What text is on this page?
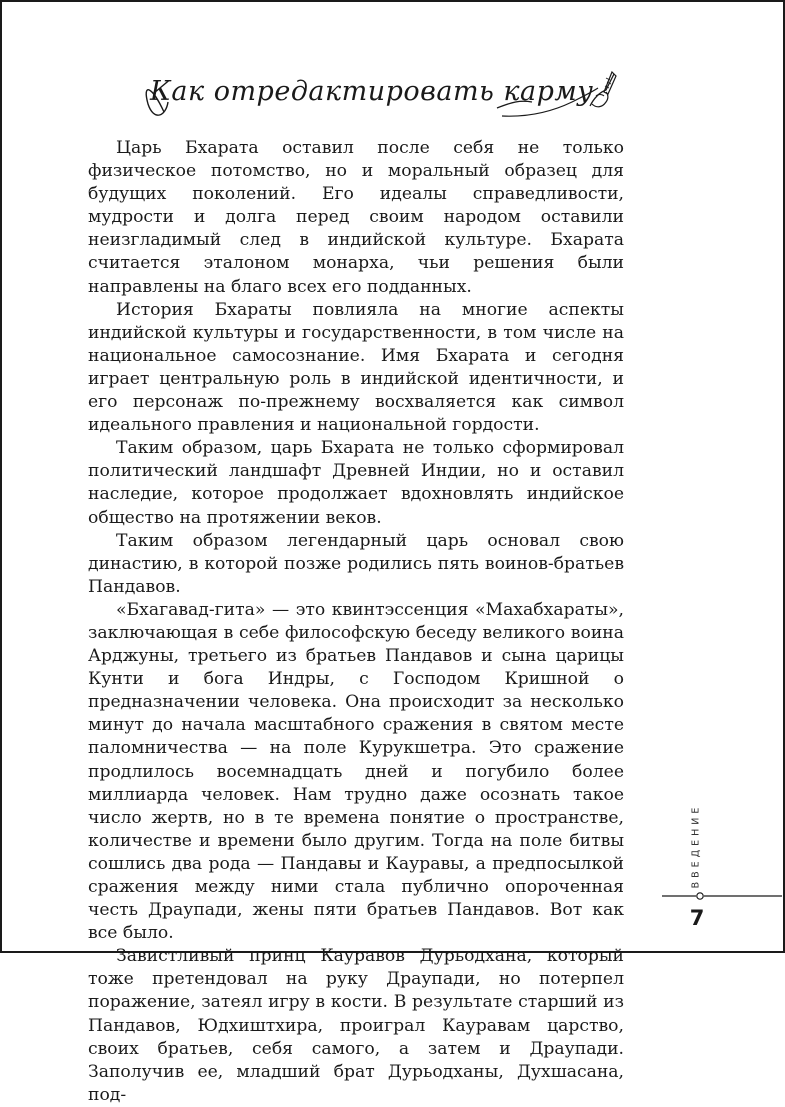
Как отредактировать карму

Царь Бхарата оставил после себя не только физическое потомство, но и моральный образец для будущих поколений. Его идеалы справедливости, мудрости и долга перед своим народом оставили неизгладимый след в индийской культуре. Бхарата считается эталоном монарха, чьи решения были направлены на благо всех его подданных.

История Бхараты повлияла на многие аспекты индийской культуры и государственности, в том числе на национальное самосознание. Имя Бхарата и сегодня играет центральную роль в индийской идентичности, и его персонаж по-прежнему восхваляется как символ идеального правления и национальной гордости.

Таким образом, царь Бхарата не только сформировал политический ландшафт Древней Индии, но и оставил наследие, которое продолжает вдохновлять индийское общество на протяжении веков.

Таким образом легендарный царь основал свою династию, в которой позже родились пять воинов-братьев Пандавов.

«Бхагавад-гита» — это квинтэссенция «Махабхараты», заключающая в себе философскую беседу великого воина Арджуны, третьего из братьев Пандавов и сына царицы Кунти и бога Индры, с Господом Кришной о предназначении человека. Она происходит за несколько минут до начала масштабного сражения в святом месте паломничества — на поле Курукшетра. Это сражение продлилось восемнадцать дней и погубило более миллиарда человек. Нам трудно даже осознать такое число жертв, но в те времена понятие о пространстве, количестве и времени было другим. Тогда на поле битвы сошлись два рода — Пандавы и Кауравы, а предпосылкой сражения между ними стала публично опороченная честь Драупади, жены пяти братьев Пандавов. Вот как все было.

Завистливый принц Кауравов Дурьодхана, который тоже претендовал на руку Драупади, но потерпел поражение, затеял игру в кости. В результате старший из Пандавов, Юдхиштхира, проиграл Кауравам царство, своих братьев, себя самого, а затем и Драупади. Заполучив ее, младший брат Дурьодханы, Духшасана, под-

ВВЕДЕНИЕ
7
